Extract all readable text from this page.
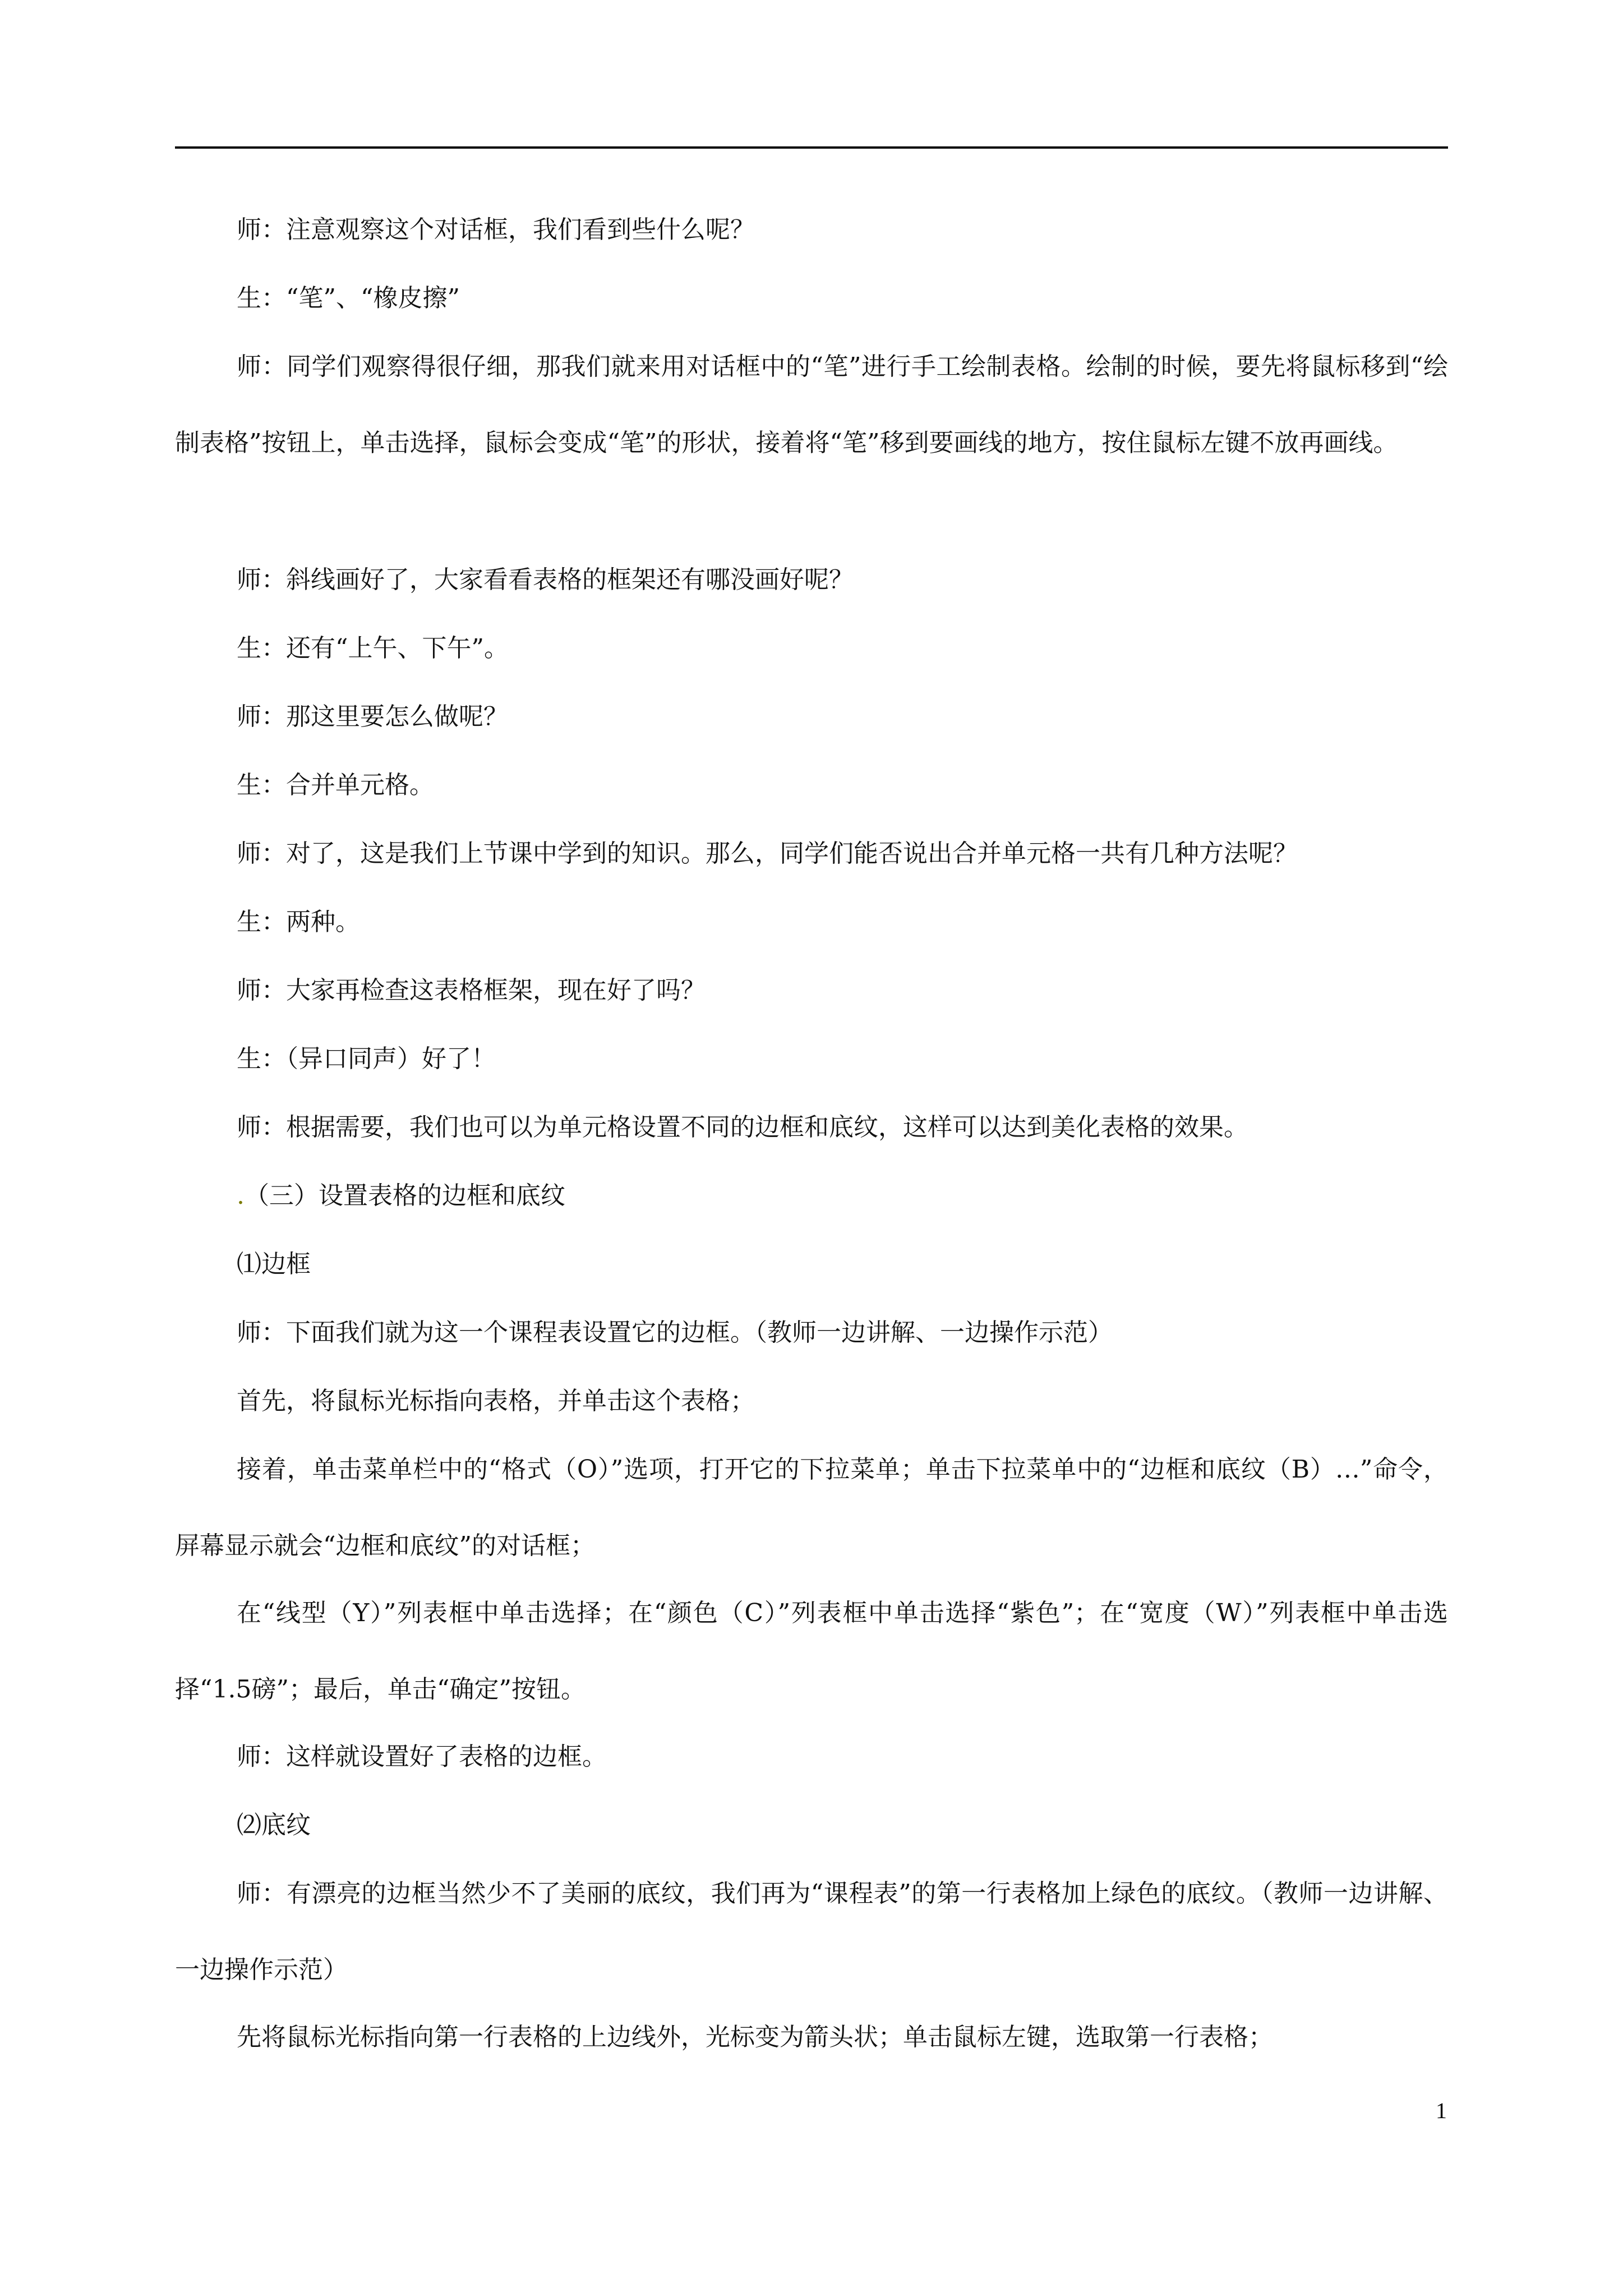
师：注意观察这个对话框，我们看到些什么呢？

生：“笔”、“橡皮擦”

师：同学们观察得很仔细，那我们就来用对话框中的“笔”进行手工绘制表格。绘制的时候，要先将鼠标移到“绘制表格”按钮上，单击选择，鼠标会变成“笔”的形状，接着将“笔”移到要画线的地方，按住鼠标左键不放再画线。

师：斜线画好了，大家看看表格的框架还有哪没画好呢？

生：还有“上午、下午”。

师：那这里要怎么做呢？

生：合并单元格。

师：对了，这是我们上节课中学到的知识。那么，同学们能否说出合并单元格一共有几种方法呢？

生：两种。

师：大家再检查这表格框架，现在好了吗？

生：（异口同声）好了！

师：根据需要，我们也可以为单元格设置不同的边框和底纹，这样可以达到美化表格的效果。

.（三）设置表格的边框和底纹

⑴边框

师：下面我们就为这一个课程表设置它的边框。（教师一边讲解、一边操作示范）

首先，将鼠标光标指向表格，并单击这个表格；

接着，单击菜单栏中的“格式（O）”选项，打开它的下拉菜单；单击下拉菜单中的“边框和底纹（B）…”命令，屏幕显示就会“边框和底纹”的对话框；

在“线型（Y）”列表框中单击选择；在“颜色（C）”列表框中单击选择“紫色”；在“宽度（W）”列表框中单击选择“1.5磅”；最后，单击“确定”按钮。

师：这样就设置好了表格的边框。

⑵底纹

师：有漂亮的边框当然少不了美丽的底纹，我们再为“课程表”的第一行表格加上绿色的底纹。（教师一边讲解、一边操作示范）

先将鼠标光标指向第一行表格的上边线外，光标变为箭头状；单击鼠标左键，选取第一行表格；

1
